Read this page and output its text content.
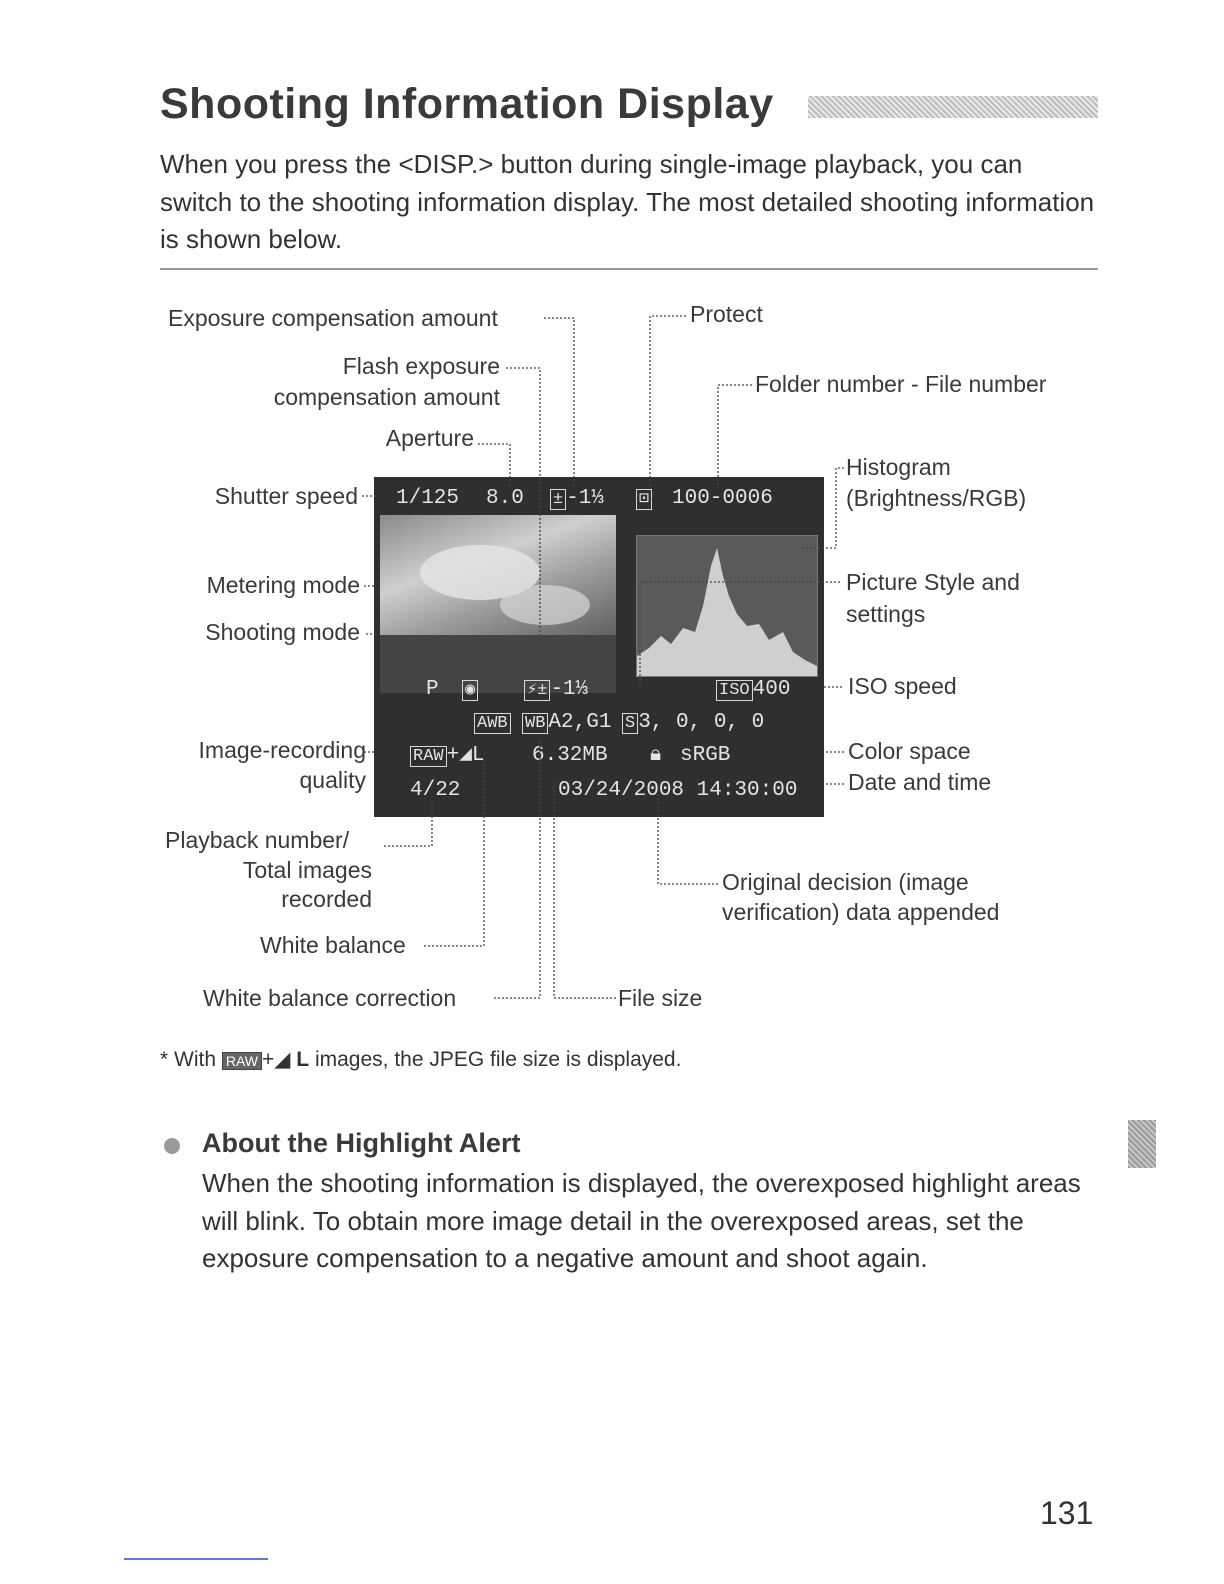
Shooting Information Display
When you press the <DISP.> button during single-image playback, you can switch to the shooting information display. The most detailed shooting information is shown below.
Exposure compensation amount
Flash exposure
compensation amount
Aperture
Shutter speed
Metering mode
Shooting mode
Image-recording
quality
Playback number/
Total images
recorded
White balance
White balance correction
Protect
Folder number - File number
Histogram
(Brightness/RGB)
Picture Style and
settings
ISO speed
Color space
Date and time
Original decision (image
verification) data appended
File size
1/125 8.0 ± -1⅓ ⊡ 100-0006
P ◉	⚡± -1⅓	ISO 400
AWB WB A2,G1 S 3, 0, 0, 0
RAW +◢L 6.32MB 🔒︎ sRGB
4/22	03/24/2008 14:30:00
* With RAW +◢ L images, the JPEG file size is displayed.
About the Highlight Alert
When the shooting information is displayed, the overexposed highlight areas will blink. To obtain more image detail in the overexposed areas, set the exposure compensation to a negative amount and shoot again.
131
